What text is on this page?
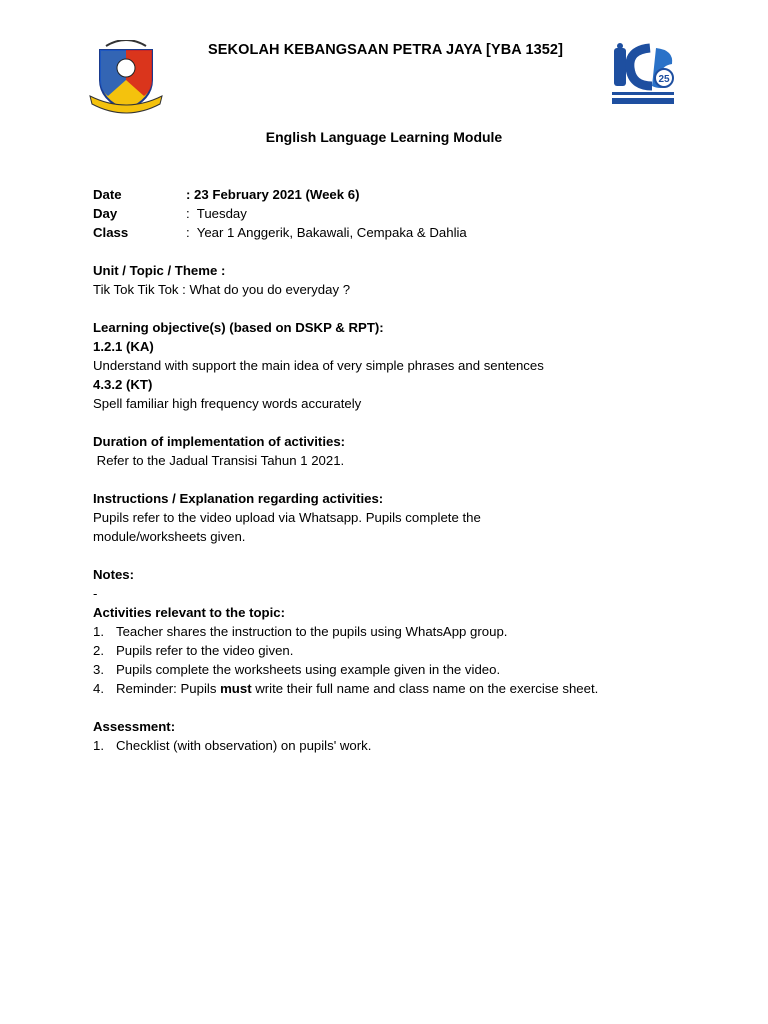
SEKOLAH KEBANGSAAN PETRA JAYA [YBA 1352]
25
English Language Learning Module
Date	: 23 February 2021 (Week 6)
Day	:  Tuesday
Class	:  Year 1 Anggerik, Bakawali, Cempaka & Dahlia
Unit / Topic / Theme :
Tik Tok Tik Tok : What do you do everyday ?
Learning objective(s) (based on DSKP & RPT):
1.2.1 (KA)
Understand with support the main idea of very simple phrases and sentences
4.3.2 (KT)
Spell familiar high frequency words accurately
Duration of implementation of activities:
Refer to the Jadual Transisi Tahun 1 2021.
Instructions / Explanation regarding activities:
Pupils refer to the video upload via Whatsapp. Pupils complete the
module/worksheets given.
Notes:
-
Activities relevant to the topic:
1. Teacher shares the instruction to the pupils using WhatsApp group.
2. Pupils refer to the video given.
3. Pupils complete the worksheets using example given in the video.
4. Reminder: Pupils must write their full name and class name on the exercise sheet.
Assessment:
1. Checklist (with observation) on pupils' work.
